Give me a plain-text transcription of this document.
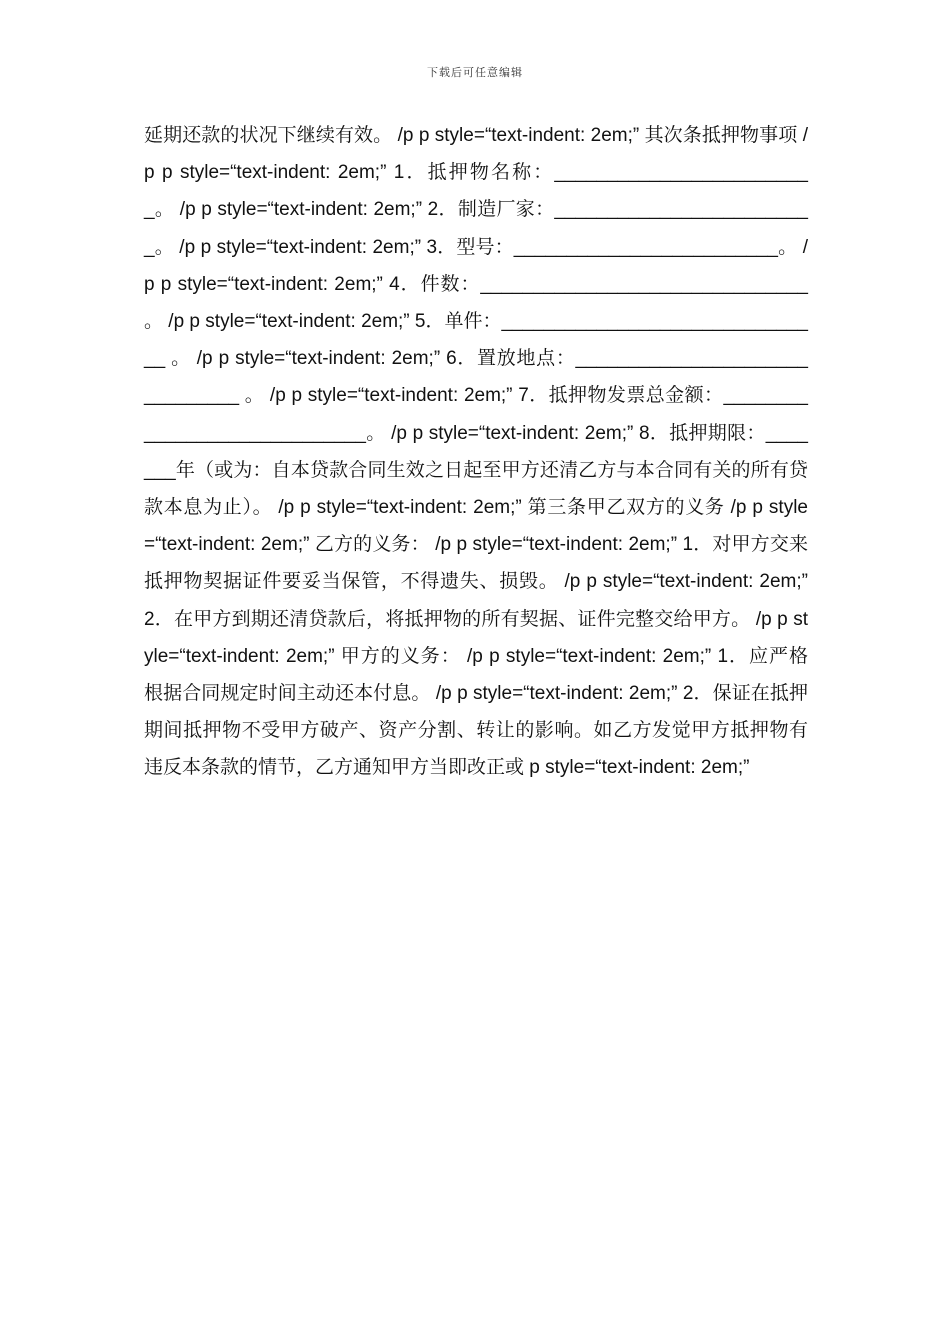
下载后可任意编辑
延期还款的状况下继续有效。 /p p style=“text-indent: 2em;” 其次条抵押物事项 /p p style=“text-indent: 2em;” 1．抵押物名称：_________________________。 /p p style=“text-indent: 2em;” 2．制造厂家：_________________________。 /p p style=“text-indent: 2em;” 3．型号：_________________________。 /p p style=“text-indent: 2em;” 4．件数：_______________________________ 。 /p p style=“text-indent: 2em;” 5．单件：_______________________________ 。 /p p style=“text-indent: 2em;” 6．置放地点：_______________________________ 。 /p p style=“text-indent: 2em;” 7．抵押物发票总金额：_____________________________。 /p p style=“text-indent: 2em;” 8．抵押期限：_______年（或为：自本贷款合同生效之日起至甲方还清乙方与本合同有关的所有贷款本息为止）。 /p p style=“text-indent: 2em;” 第三条甲乙双方的义务 /p p style=“text-indent: 2em;” 乙方的义务： /p p style=“text-indent: 2em;” 1．对甲方交来抵押物契据证件要妥当保管，不得遗失、损毁。 /p p style=“text-indent: 2em;” 2．在甲方到期还清贷款后，将抵押物的所有契据、证件完整交给甲方。 /p p style=“text-indent: 2em;” 甲方的义务： /p p style=“text-indent: 2em;” 1．应严格根据合同规定时间主动还本付息。 /p p style=“text-indent: 2em;” 2．保证在抵押期间抵押物不受甲方破产、资产分割、转让的影响。如乙方发觉甲方抵押物有违反本条款的情节，乙方通知甲方当即改正或 p style=“text-indent: 2em;”
